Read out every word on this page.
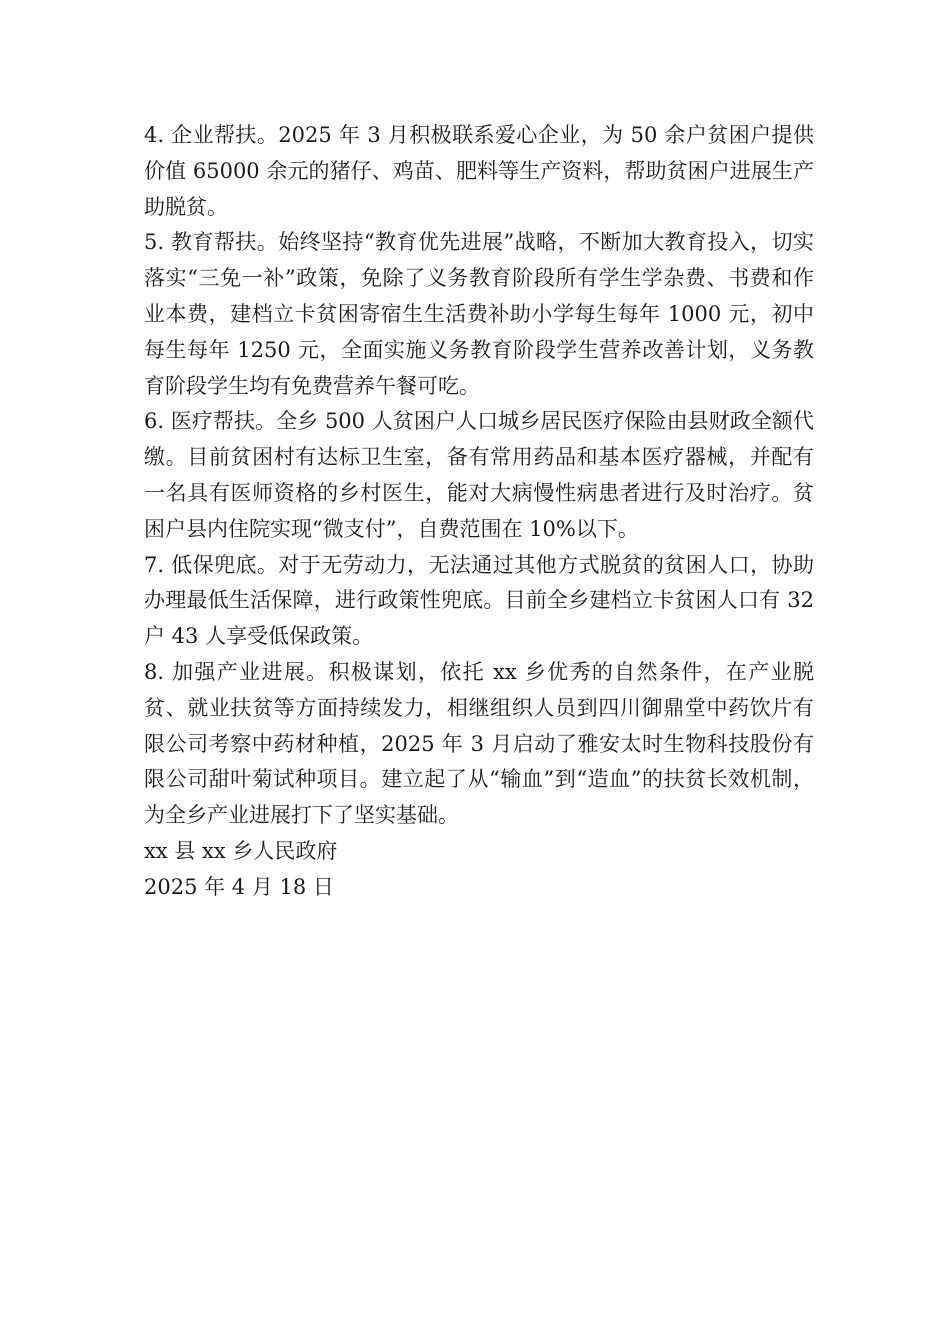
4. 企业帮扶。2025 年 3 月积极联系爱心企业，为 50 余户贫困户提供价值 65000 余元的猪仔、鸡苗、肥料等生产资料，帮助贫困户进展生产助脱贫。

5. 教育帮扶。始终坚持“教育优先进展”战略，不断加大教育投入，切实落实“三免一补”政策，免除了义务教育阶段所有学生学杂费、书费和作业本费，建档立卡贫困寄宿生生活费补助小学每生每年 1000 元，初中每生每年 1250 元，全面实施义务教育阶段学生营养改善计划，义务教育阶段学生均有免费营养午餐可吃。

6. 医疗帮扶。全乡 500 人贫困户人口城乡居民医疗保险由县财政全额代缴。目前贫困村有达标卫生室，备有常用药品和基本医疗器械，并配有一名具有医师资格的乡村医生，能对大病慢性病患者进行及时治疗。贫困户县内住院实现“微支付”，自费范围在 10%以下。

7. 低保兜底。对于无劳动力，无法通过其他方式脱贫的贫困人口，协助办理最低生活保障，进行政策性兜底。目前全乡建档立卡贫困人口有 32 户 43 人享受低保政策。

8. 加强产业进展。积极谋划，依托 xx 乡优秀的自然条件，在产业脱贫、就业扶贫等方面持续发力，相继组织人员到四川御鼎堂中药饮片有限公司考察中药材种植，2025 年 3 月启动了雅安太时生物科技股份有限公司甜叶菊试种项目。建立起了从“输血”到“造血”的扶贫长效机制，为全乡产业进展打下了坚实基础。

xx 县 xx 乡人民政府

2025 年 4 月 18 日
